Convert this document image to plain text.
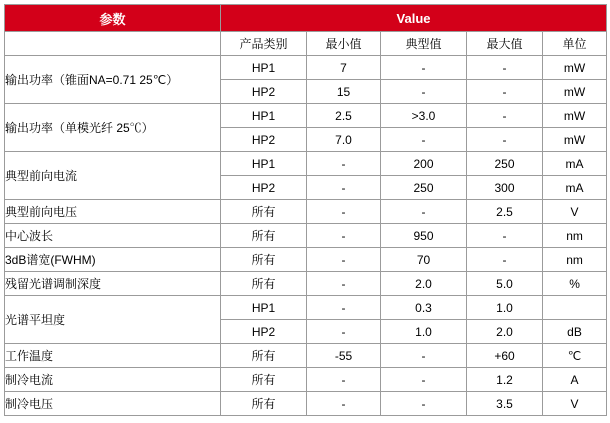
参数	Value				
	产品类别	最小值	典型值	最大值	单位
输出功率（锥面NA=0.71 25℃）	HP1	7	-	-	mW
	HP2	15	-	-	mW
输出功率（单模光纤 25℃）	HP1	2.5	>3.0	-	mW
	HP2	7.0	-	-	mW
典型前向电流	HP1	-	200	250	mA
	HP2	-	250	300	mA
典型前向电压	所有	-	-	2.5	V
中心波长	所有	-	950	-	nm
3dB谱宽(FWHM)	所有	-	70	-	nm
残留光谱调制深度	所有	-	2.0	5.0	%
光谱平坦度	HP1	-	0.3	1.0	
	HP2	-	1.0	2.0	dB
工作温度	所有	-55	-	+60	℃
制冷电流	所有	-	-	1.2	A
制冷电压	所有	-	-	3.5	V
